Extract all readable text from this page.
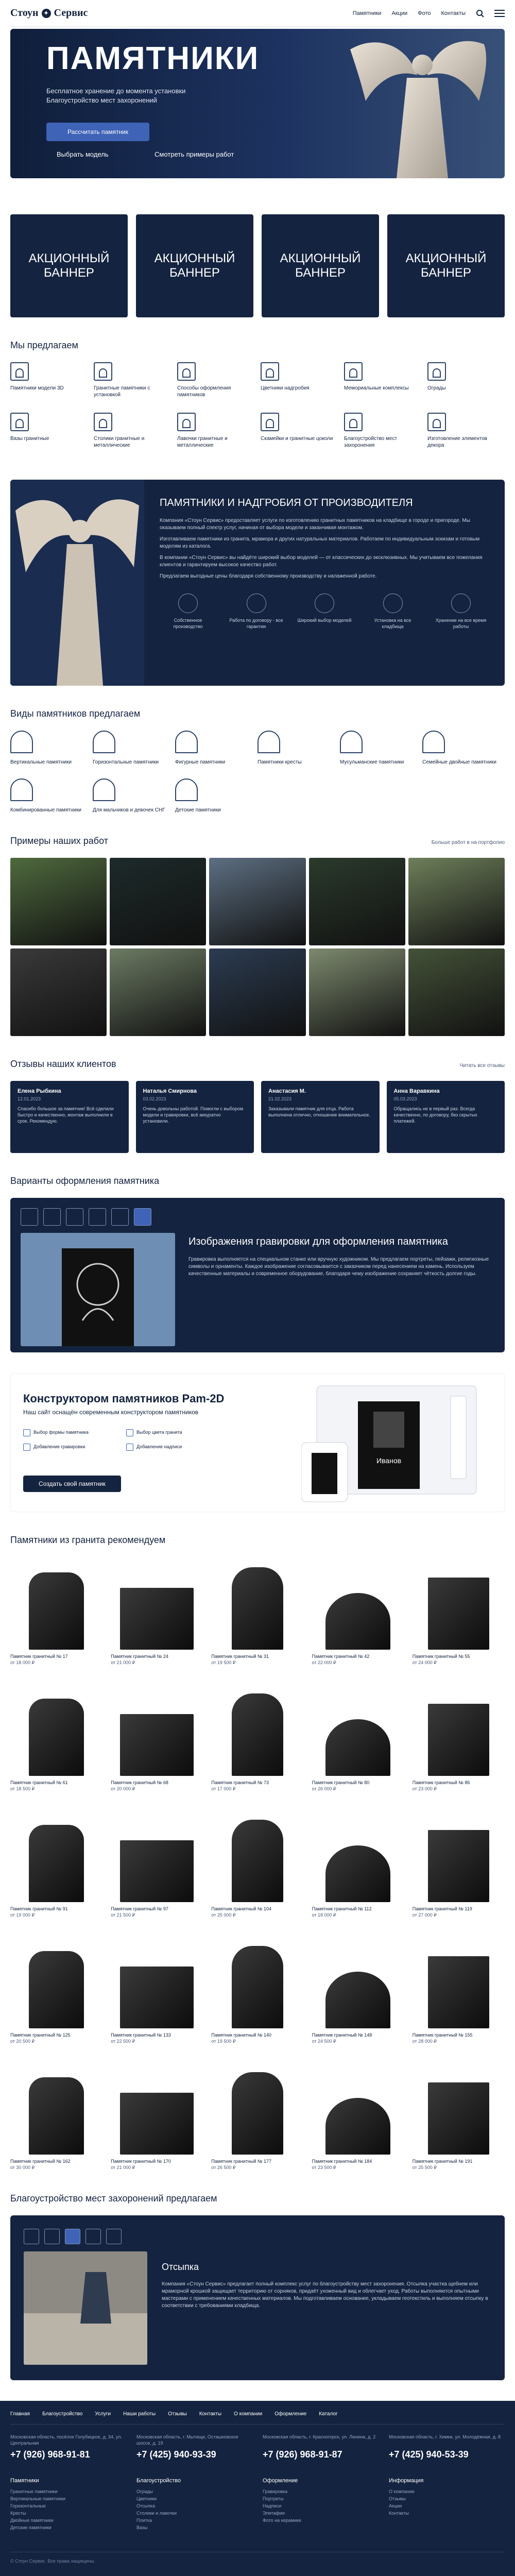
Стоун ✦ Сервис	Памятники Акции Фото Контакты
ПАМЯТНИКИ
Бесплатное хранение до момента установки
Благоустройство мест захоронений
Рассчитать памятник
Выбрать модель	Смотреть примеры работ
АКЦИОННЫЙ БАННЕР
АКЦИОННЫЙ БАННЕР
АКЦИОННЫЙ БАННЕР
АКЦИОННЫЙ БАННЕР
Мы предлагаем
Памятники модели 3D	Гранитные памятники с установкой
Способы оформления памятников
Цветники надгробия	Мемориальные комплексы	Ограды
Вазы гранитные	Столики гранитные и металлические
Лавочки гранитные и металлические
Скамейки и гранитные цоколи	Благоустройство мест захоронения
Изготовление элементов декора
ПАМЯТНИКИ И НАДГРОБИЯ ОТ ПРОИЗВОДИТЕЛЯ

Компания «Стоун Сервис» предоставляет услуги по изготовлению гранитных памятников на кладбище в городе и пригороде. Мы оказываем полный спектр услуг, начиная от выбора модели и заканчивая монтажом.

Изготавливаем памятники из гранита, мрамора и других натуральных материалов. Работаем по индивидуальным эскизам и готовым моделям из каталога.

В компании «Стоун Сервис» вы найдёте широкий выбор моделей — от классических до эксклюзивных. Мы учитываем все пожелания клиентов и гарантируем высокое качество работ.

Предлагаем выгодные цены благодаря собственному производству и налаженной работе.

Собственное производство
Работа по договору - все гарантии
Широкий выбор моделей	Установка на все кладбища
Хранение на все время работы
Виды памятников предлагаем
Вертикальные памятники	Горизонтальные памятники	Фигурные памятники	Памятники кресты	Мусульманские памятники	Семейные двойные памятники
Комбинированные памятники	Для мальчиков и девочек СНГ	Детские памятники
Примеры наших работ	Больше работ в на портфолио
Отзывы наших клиентов	Читать все отзывы
Елена Рыбкина
12.01.2023
Спасибо большое за памятник! Всё сделали быстро и качественно, монтаж выполнили в срок. Рекомендую.
Наталья Смирнова
03.02.2023
Очень довольны работой. Помогли с выбором модели и гравировки, всё аккуратно установили.
Анастасия М.
21.02.2023
Заказывали памятник для отца. Работа выполнена отлично, отношение внимательное.
Анна Варавкина
05.03.2023
Обращались не в первый раз. Всегда качественно, по договору, без скрытых платежей.
Варианты оформления памятника
Изображения гравировки для оформления памятника

Гравировка выполняется на специальном станке или вручную художником. Мы предлагаем портреты, пейзажи, религиозные символы и орнаменты. Каждое изображение согласовывается с заказчиком перед нанесением на камень. Используем качественные материалы и современное оборудование, благодаря чему изображение сохраняет чёткость долгие годы.

Конструктором памятников Pam-2D
Наш сайт оснащён современным конструктором памятников
Выбор формы памятника	Выбор цвета гранита
Добавление гравировки	Добавление надписи
Создать свой памятник
Иванов
Памятники из гранита рекомендуем
Памятник гранитный № 17
от 18 000 ₽
Памятник гранитный № 24
от 21 000 ₽
Памятник гранитный № 31
от 19 500 ₽
Памятник гранитный № 42
от 22 000 ₽
Памятник гранитный № 55
от 24 000 ₽
Памятник гранитный № 61
от 18 500 ₽
Памятник гранитный № 68
от 20 000 ₽
Памятник гранитный № 73
от 17 000 ₽
Памятник гранитный № 80
от 26 000 ₽
Памятник гранитный № 86
от 23 000 ₽
Памятник гранитный № 91
от 19 000 ₽
Памятник гранитный № 97
от 21 500 ₽
Памятник гранитный № 104
от 25 000 ₽
Памятник гранитный № 112
от 18 000 ₽
Памятник гранитный № 119
от 27 000 ₽
Памятник гранитный № 125
от 20 500 ₽
Памятник гранитный № 133
от 22 500 ₽
Памятник гранитный № 140
от 19 500 ₽
Памятник гранитный № 148
от 24 500 ₽
Памятник гранитный № 155
от 28 000 ₽
Памятник гранитный № 162
от 30 000 ₽
Памятник гранитный № 170
от 21 000 ₽
Памятник гранитный № 177
от 26 500 ₽
Памятник гранитный № 184
от 23 500 ₽
Памятник гранитный № 191
от 25 500 ₽
Благоустройство мест захоронений предлагаем
Отсыпка

Компания «Стоун Сервис» предлагает полный комплекс услуг по благоустройству мест захоронения. Отсыпка участка щебнем или мраморной крошкой защищает территорию от сорняков, придаёт ухоженный вид и облегчает уход. Работы выполняются опытными мастерами с применением качественных материалов. Мы подготавливаем основание, укладываем геотекстиль и выполняем отсыпку в соответствии с требованиями кладбища.

Главная Благоустройство Услуги Наши работы Отзывы Контакты О компании Оформление Каталог
Московская область, посёлок Голубицкое, д. 34, ул. Центральная
+7 (926) 968-91-81
Московская область, г. Мытищи, Осташковское шоссе, д. 19
+7 (425) 940-93-39
Московская область, г. Красногорск, ул. Ленина, д. 2
+7 (926) 968-91-87
Московская область, г. Химки, ул. Молодёжная, д. 8
+7 (425) 940-53-39
Памятники
Гранитные памятники
Вертикальные памятники
Горизонтальные
Кресты
Двойные памятники
Детские памятники
Благоустройство
Ограды
Цветники
Отсыпка
Столики и лавочки
Плитка
Вазы
Оформление
Гравировка
Портреты
Надписи
Эпитафии
Фото на керамике
Информация
О компании
Отзывы
Акции
Контакты
© Стоун Сервис. Все права защищены.
